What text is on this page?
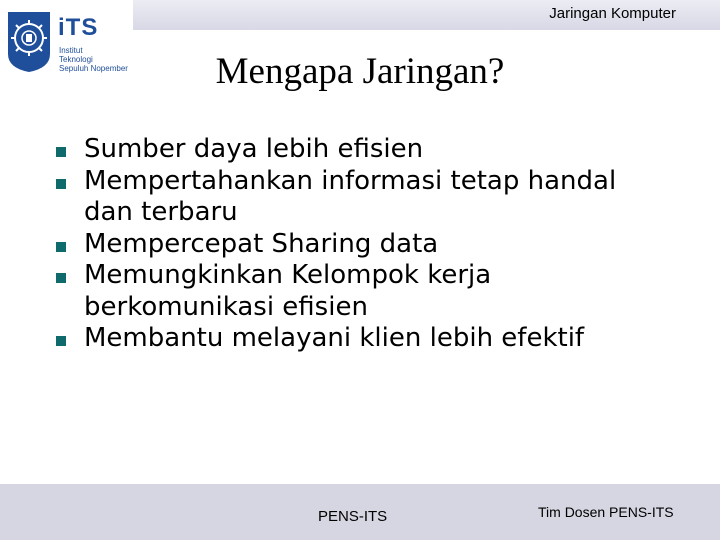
Jaringan Komputer
iTS
Institut
Teknologi
Sepuluh Nopember	Mengapa Jaringan?
Sumber daya lebih efisien
Mempertahankan informasi tetap handal dan terbaru
Mempercepat Sharing data
Memungkinkan Kelompok kerja berkomunikasi efisien
Membantu melayani klien lebih efektif
PENS-ITS	Tim Dosen PENS-ITS
